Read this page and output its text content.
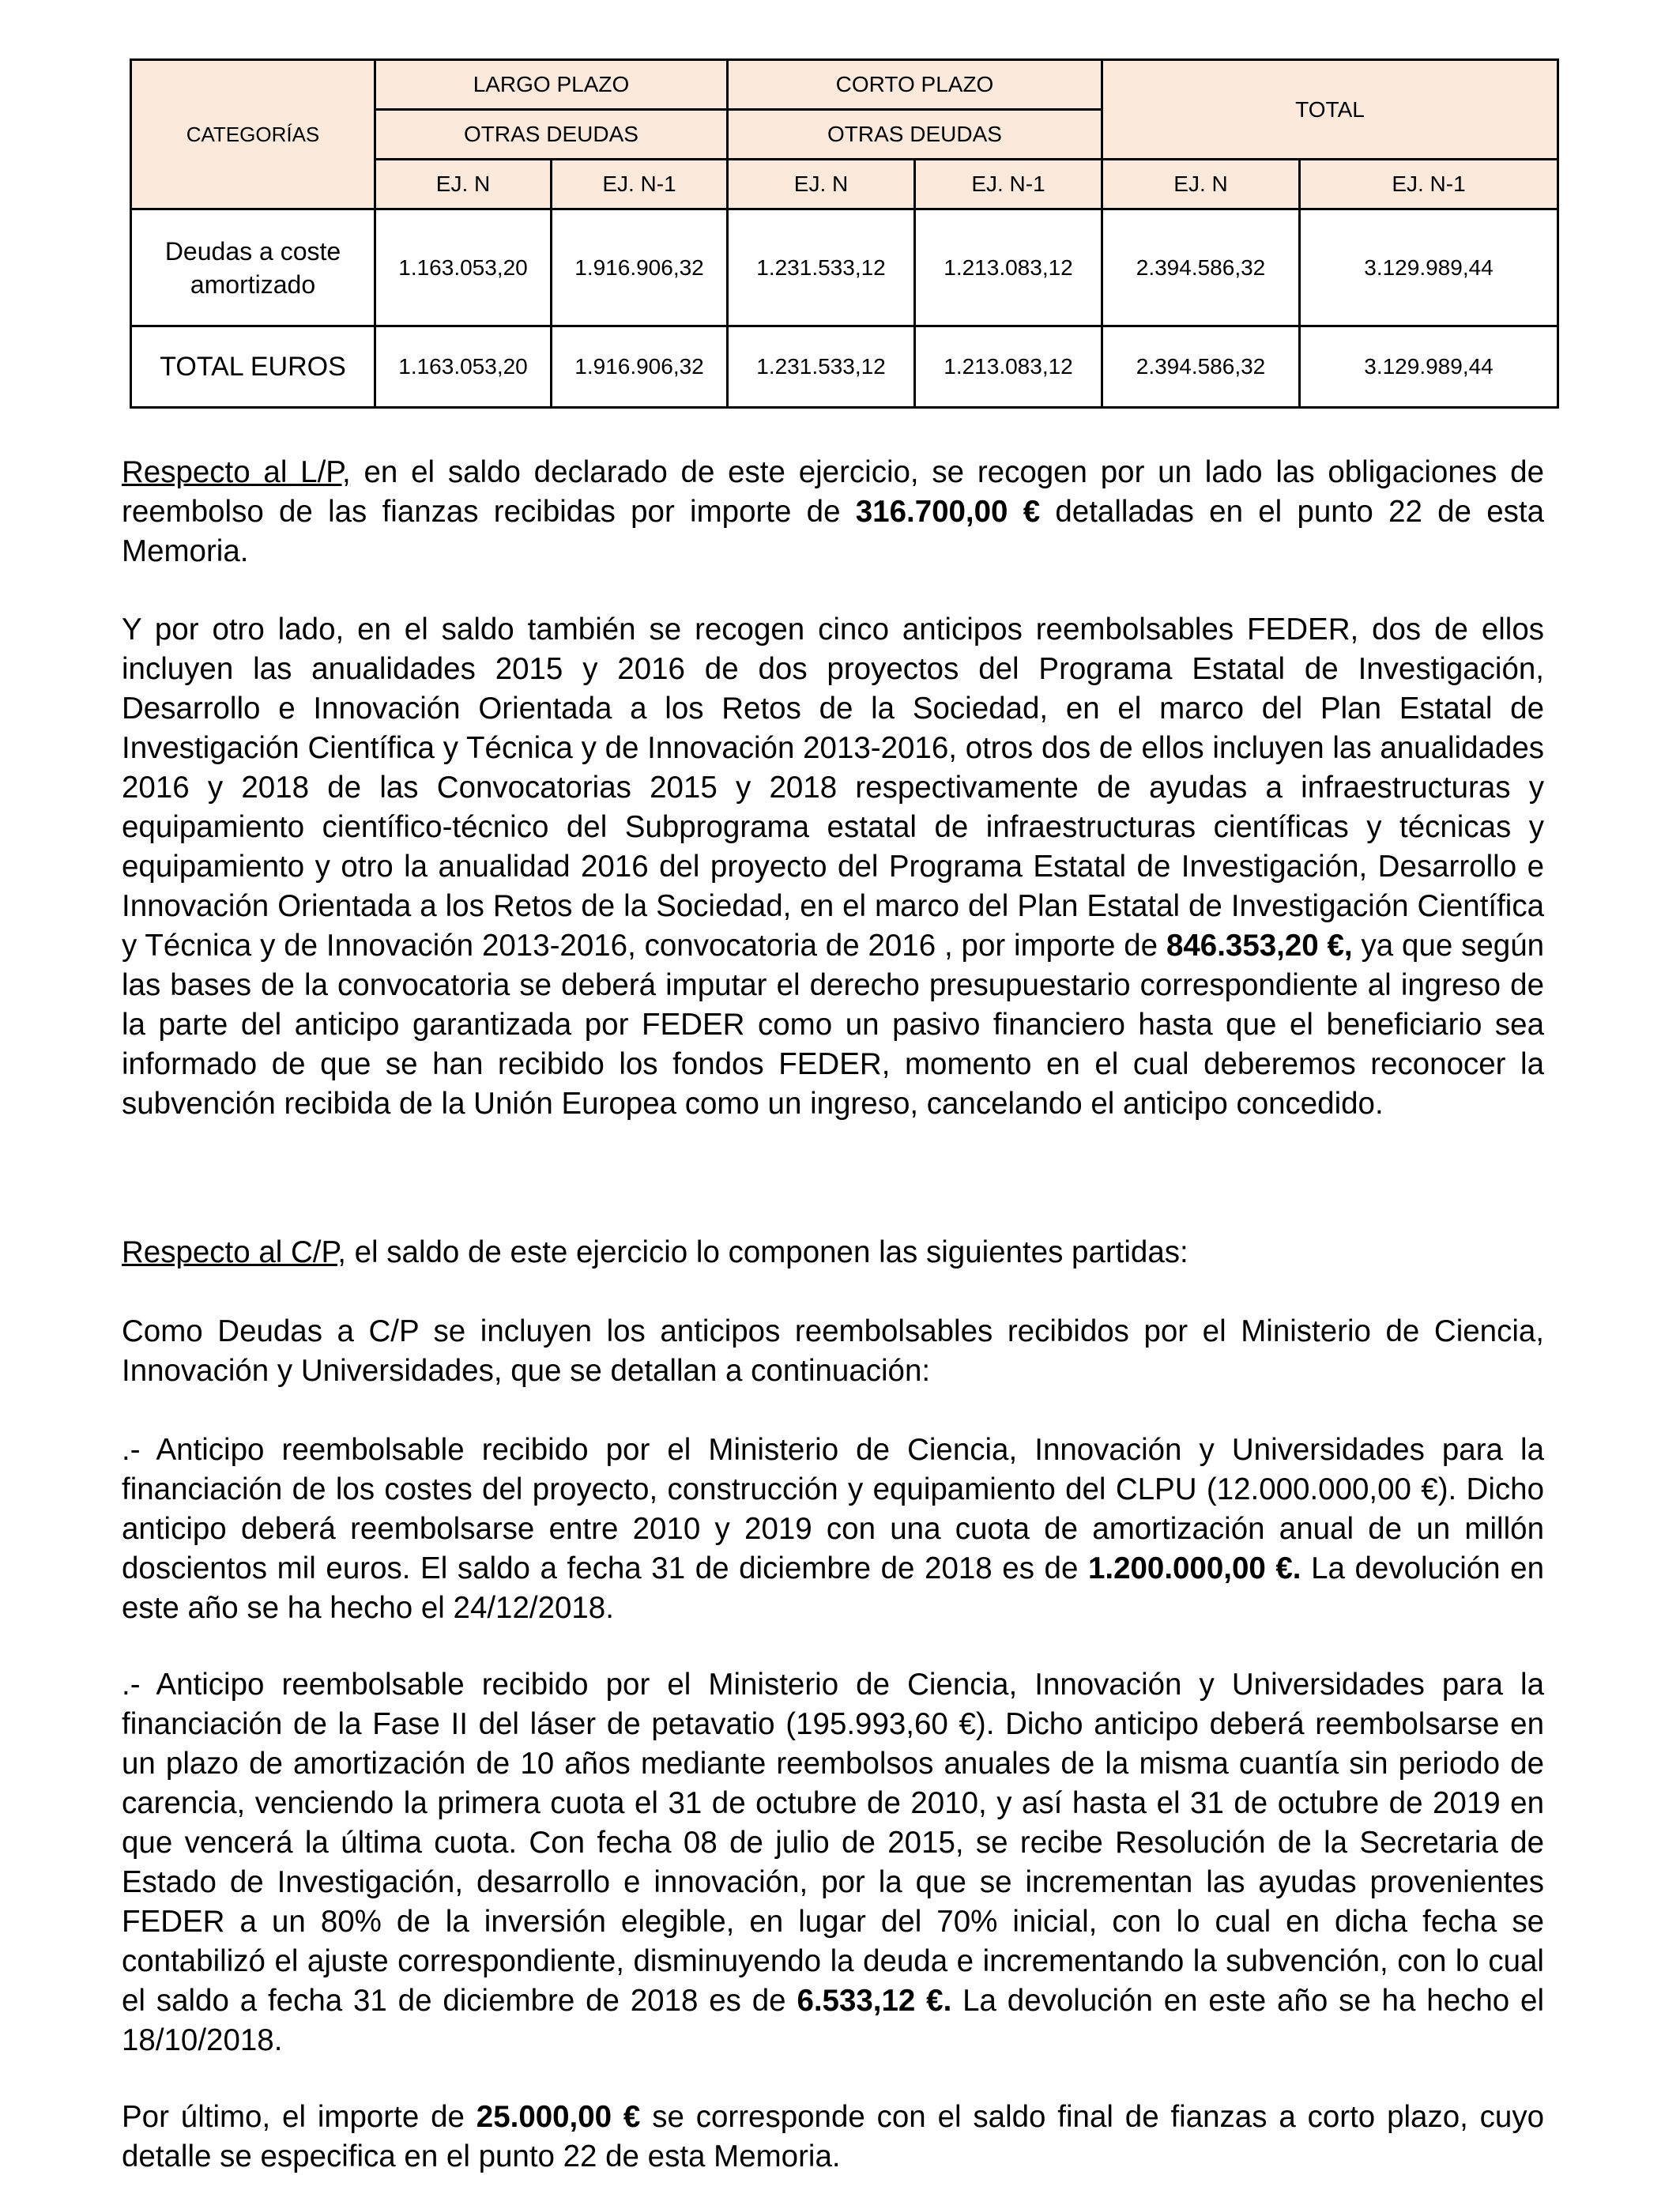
CATEGORÍAS	LARGO PLAZO		CORTO PLAZO		TOTAL	
	OTRAS DEUDAS		OTRAS DEUDAS			
	EJ. N	EJ. N-1	EJ. N	EJ. N-1	EJ. N	EJ. N-1
Deudas a coste
amortizado	1.163.053,20	1.916.906,32	1.231.533,12	1.213.083,12	2.394.586,32	3.129.989,44
TOTAL EUROS	1.163.053,20	1.916.906,32	1.231.533,12	1.213.083,12	2.394.586,32	3.129.989,44

Respecto al L/P, en el saldo declarado de este ejercicio, se recogen por un lado las obligaciones de reembolso de las fianzas recibidas por importe de 316.700,00 € detalladas en el punto 22 de esta Memoria.

Y por otro lado, en el saldo también se recogen cinco anticipos reembolsables FEDER, dos de ellos incluyen las anualidades 2015 y 2016 de dos proyectos del Programa Estatal de Investigación, Desarrollo e Innovación Orientada a los Retos de la Sociedad, en el marco del Plan Estatal de Investigación Científica y Técnica y de Innovación 2013-2016, otros dos de ellos incluyen las anualidades 2016 y 2018 de las Convocatorias 2015 y 2018 respectivamente de ayudas a infraestructuras y equipamiento científico-técnico del Subprograma estatal de infraestructuras científicas y técnicas y equipamiento y otro la anualidad 2016 del proyecto del Programa Estatal de Investigación, Desarrollo e Innovación Orientada a los Retos de la Sociedad, en el marco del Plan Estatal de Investigación Científica y Técnica y de Innovación 2013-2016, convocatoria de 2016 , por importe de 846.353,20 €, ya que según las bases de la convocatoria se deberá imputar el derecho presupuestario correspondiente al ingreso de la parte del anticipo garantizada por FEDER como un pasivo financiero hasta que el beneficiario sea informado de que se han recibido los fondos FEDER, momento en el cual deberemos reconocer la subvención recibida de la Unión Europea como un ingreso, cancelando el anticipo concedido.

Respecto al C/P, el saldo de este ejercicio lo componen las siguientes partidas:

Como Deudas a C/P se incluyen los anticipos reembolsables recibidos por el Ministerio de Ciencia, Innovación y Universidades, que se detallan a continuación:

.- Anticipo reembolsable recibido por el Ministerio de Ciencia, Innovación y Universidades para la financiación de los costes del proyecto, construcción y equipamiento del CLPU (12.000.000,00 €). Dicho anticipo deberá reembolsarse entre 2010 y 2019 con una cuota de amortización anual de un millón doscientos mil euros. El saldo a fecha 31 de diciembre de 2018 es de 1.200.000,00 €. La devolución en este año se ha hecho el 24/12/2018.

.- Anticipo reembolsable recibido por el Ministerio de Ciencia, Innovación y Universidades para la financiación de la Fase II del láser de petavatio (195.993,60 €). Dicho anticipo deberá reembolsarse en un plazo de amortización de 10 años mediante reembolsos anuales de la misma cuantía sin periodo de carencia, venciendo la primera cuota el 31 de octubre de 2010, y así hasta el 31 de octubre de 2019 en que vencerá la última cuota. Con fecha 08 de julio de 2015, se recibe Resolución de la Secretaria de Estado de Investigación, desarrollo e innovación, por la que se incrementan las ayudas provenientes FEDER a un 80% de la inversión elegible, en lugar del 70% inicial, con lo cual en dicha fecha se contabilizó el ajuste correspondiente, disminuyendo la deuda e incrementando la subvención, con lo cual el saldo a fecha 31 de diciembre de 2018 es de 6.533,12 €. La devolución en este año se ha hecho el 18/10/2018.

Por último, el importe de 25.000,00 € se corresponde con el saldo final de fianzas a corto plazo, cuyo detalle se especifica en el punto 22 de esta Memoria.
